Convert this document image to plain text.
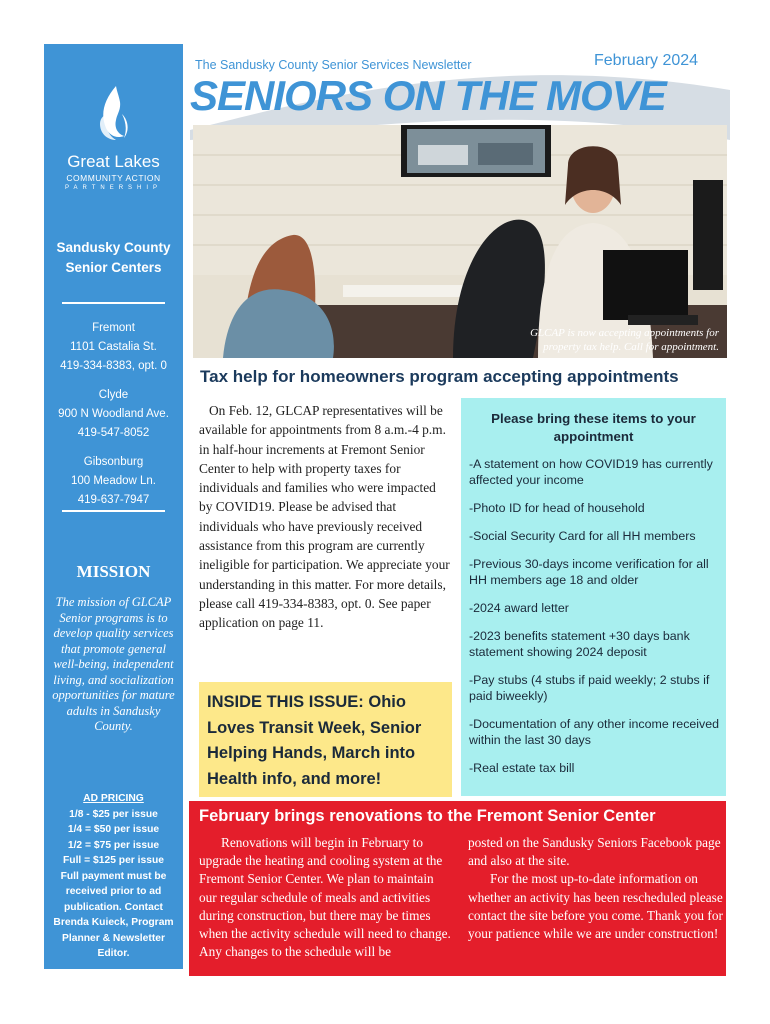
Great Lakes
COMMUNITY ACTION
PARTNERSHIP
Sandusky County
Senior Centers
Fremont
1101 Castalia St.
419-334-8383, opt. 0
Clyde
900 N Woodland Ave.
419-547-8052
Gibsonburg
100 Meadow Ln.
419-637-7947
MISSION
The mission of GLCAP Senior programs is to develop quality services that promote general well-being, independent living, and socialization opportunities for mature adults in Sandusky County.
AD PRICING
1/8 - $25 per issue
1/4 = $50 per issue
1/2 = $75 per issue
Full = $125 per issue
Full payment must be received prior to ad publication. Contact Brenda Kuieck, Program Planner & Newsletter Editor.
The Sandusky County Senior Services Newsletter	February 2024
SENIORS ON THE MOVE
GLCAP is now accepting appointments for
property tax help. Call for appointment.
Tax help for homeowners program accepting appointments

On Feb. 12, GLCAP representatives will be available for appointments from 8 a.m.-4 p.m. in half-hour increments at Fremont Senior Center to help with property taxes for individuals and families who were impacted by COVID19. Please be advised that individuals who have previously received assistance from this program are currently ineligible for participation. We appreciate your understanding in this matter. For more details, please call 419-334-8383, opt. 0. See paper application on page 11.

Please bring these items to your appointment
-A statement on how COVID19 has currently affected your income
-Photo ID for head of household
-Social Security Card for all HH members
-Previous 30-days income verification for all HH members age 18 and older
-2024 award letter
-2023 benefits statement +30 days bank statement showing 2024 deposit
-Pay stubs (4 stubs if paid weekly; 2 stubs if paid biweekly)
-Documentation of any other income received within the last 30 days
-Real estate tax bill
INSIDE THIS ISSUE: Ohio Loves Transit Week, Senior Helping Hands, March into Health info, and more!
February brings renovations to the Fremont Senior Center

Renovations will begin in February to upgrade the heating and cooling system at the Fremont Senior Center. We plan to maintain our regular schedule of meals and activities during construction, but there may be times when the activity schedule will need to change. Any changes to the schedule will be

posted on the Sandusky Seniors Facebook page and also at the site.

For the most up-to-date information on whether an activity has been rescheduled please contact the site before you come. Thank you for your patience while we are under construction!
